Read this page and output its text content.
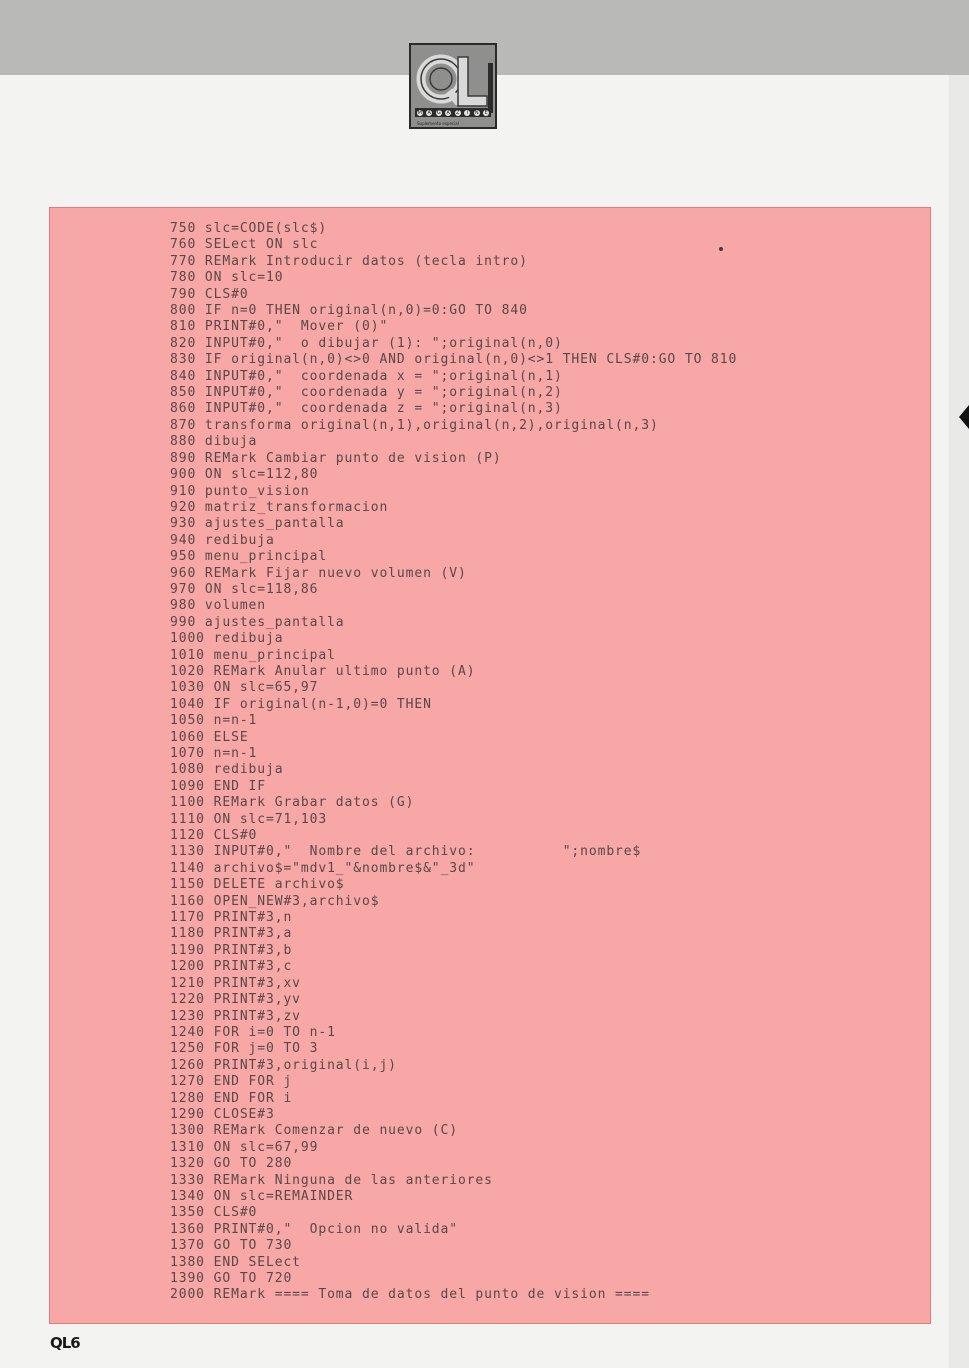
M A G A Z	I	N E
Suplemento especial
750 slc=CODE(slc$)
760 SELect ON slc
770 REMark Introducir datos (tecla intro)
780 ON slc=10
790 CLS#0
800 IF n=0 THEN original(n,0)=0:GO TO 840
810 PRINT#0,"  Mover (0)"
820 INPUT#0,"  o dibujar (1): ";original(n,0)
830 IF original(n,0)<>0 AND original(n,0)<>1 THEN CLS#0:GO TO 810
840 INPUT#0,"  coordenada x = ";original(n,1)
850 INPUT#0,"  coordenada y = ";original(n,2)
860 INPUT#0,"  coordenada z = ";original(n,3)
870 transforma original(n,1),original(n,2),original(n,3)
880 dibuja
890 REMark Cambiar punto de vision (P)
900 ON slc=112,80
910 punto_vision
920 matriz_transformacion
930 ajustes_pantalla
940 redibuja
950 menu_principal
960 REMark Fijar nuevo volumen (V)
970 ON slc=118,86
980 volumen
990 ajustes_pantalla
1000 redibuja
1010 menu_principal
1020 REMark Anular ultimo punto (A)
1030 ON slc=65,97
1040 IF original(n-1,0)=0 THEN
1050 n=n-1
1060 ELSE
1070 n=n-1
1080 redibuja
1090 END IF
1100 REMark Grabar datos (G)
1110 ON slc=71,103
1120 CLS#0
1130 INPUT#0,"  Nombre del archivo:          ";nombre$
1140 archivo$="mdv1_"&nombre$&"_3d"
1150 DELETE archivo$
1160 OPEN_NEW#3,archivo$
1170 PRINT#3,n
1180 PRINT#3,a
1190 PRINT#3,b
1200 PRINT#3,c
1210 PRINT#3,xv
1220 PRINT#3,yv
1230 PRINT#3,zv
1240 FOR i=0 TO n-1
1250 FOR j=0 TO 3
1260 PRINT#3,original(i,j)
1270 END FOR j
1280 END FOR i
1290 CLOSE#3
1300 REMark Comenzar de nuevo (C)
1310 ON slc=67,99
1320 GO TO 280
1330 REMark Ninguna de las anteriores
1340 ON slc=REMAINDER
1350 CLS#0
1360 PRINT#0,"  Opcion no valida"
1370 GO TO 730
1380 END SELect
1390 GO TO 720
2000 REMark ==== Toma de datos del punto de vision ====
QL6
